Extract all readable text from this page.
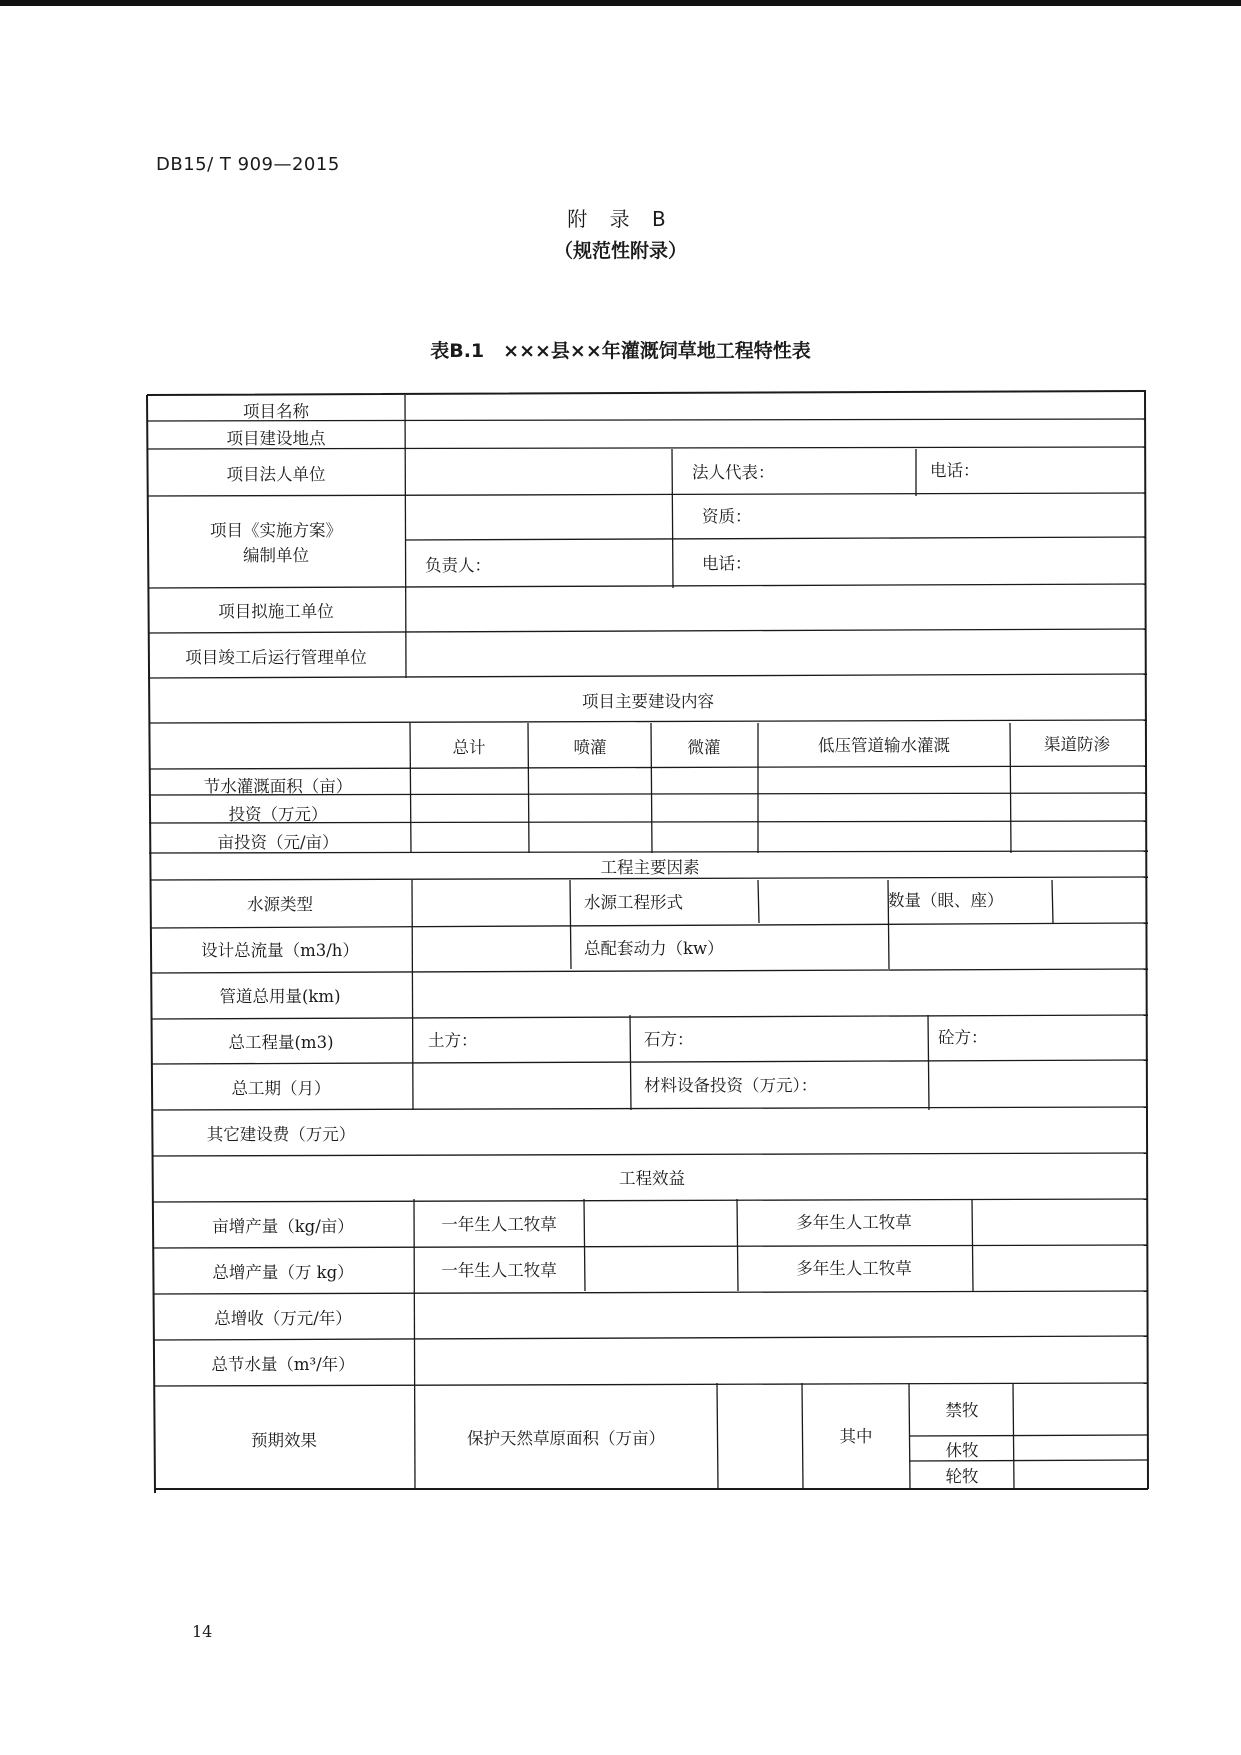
DB15/ T 909—2015
附 录 B
（规范性附录）
表B.1　×××县××年灌溉饲草地工程特性表
项目名称
项目建设地点
项目法人单位	法人代表：	电话：
项目《实施方案》
编制单位
资质：
负责人：	电话：
项目拟施工单位
项目竣工后运行管理单位
项目主要建设内容
总计	喷灌	微灌	低压管道输水灌溉	渠道防渗
节水灌溉面积（亩）
投资（万元）
亩投资（元/亩）
工程主要因素
水源类型	水源工程形式	数量（眼、座）
设计总流量（m3/h）	总配套动力（kw）
管道总用量(km)
总工程量(m3)	土方：	石方：	砼方：
总工期（月）	材料设备投资（万元）：
其它建设费（万元）
工程效益
亩增产量（kg/亩）	一年生人工牧草	多年生人工牧草
总增产量（万 kg）	一年生人工牧草	多年生人工牧草
总增收（万元/年）
总节水量（m³/年）
预期效果	保护天然草原面积（万亩）	其中
禁牧
休牧
轮牧
14
